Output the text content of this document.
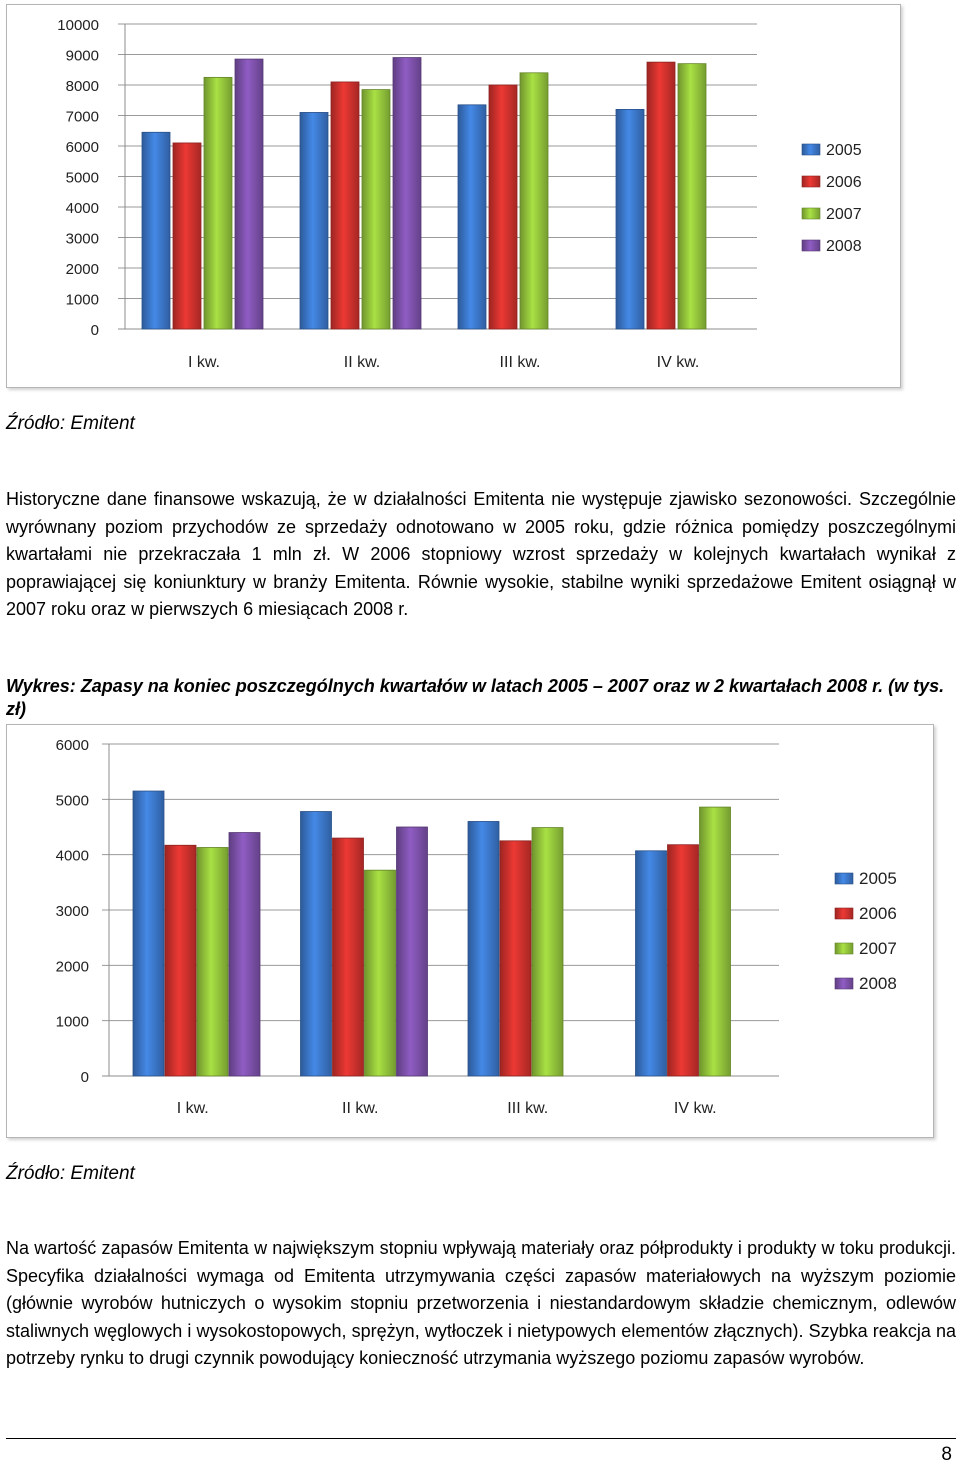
0
1000
2000
3000
4000
5000
6000
7000
8000
9000
10000
I kw.	II kw.	III kw.	IV kw.
2005
2006
2007
2008
Źródło: Emitent

Historyczne dane finansowe wskazują, że w działalności Emitenta nie występuje zjawisko sezonowości. Szczególnie wyrównany poziom przychodów ze sprzedaży odnotowano w 2005 roku, gdzie różnica pomiędzy poszczególnymi kwartałami nie przekraczała 1 mln zł. W 2006 stopniowy wzrost sprzedaży w kolejnych kwartałach wynikał z poprawiającej się koniunktury w branży Emitenta. Równie wysokie, stabilne wyniki sprzedażowe Emitent osiągnął w 2007 roku oraz w pierwszych 6 miesiącach 2008 r.

Wykres: Zapasy na koniec poszczególnych kwartałów w latach 2005 – 2007 oraz w 2 kwartałach 2008 r. (w tys. zł)

0
1000
2000
3000
4000
5000
6000
I kw.	II kw.	III kw.	IV kw.
2005
2006
2007
2008
Źródło: Emitent

Na wartość zapasów Emitenta w największym stopniu wpływają materiały oraz półprodukty i produkty w toku produkcji. Specyfika działalności wymaga od Emitenta utrzymywania części zapasów materiałowych na wyższym poziomie (głównie wyrobów hutniczych o wysokim stopniu przetworzenia i niestandardowym składzie chemicznym, odlewów staliwnych węglowych i wysokostopowych, sprężyn, wytłoczek i nietypowych elementów złącznych). Szybka reakcja na potrzeby rynku to drugi czynnik powodujący konieczność utrzymania wyższego poziomu zapasów wyrobów.

8
